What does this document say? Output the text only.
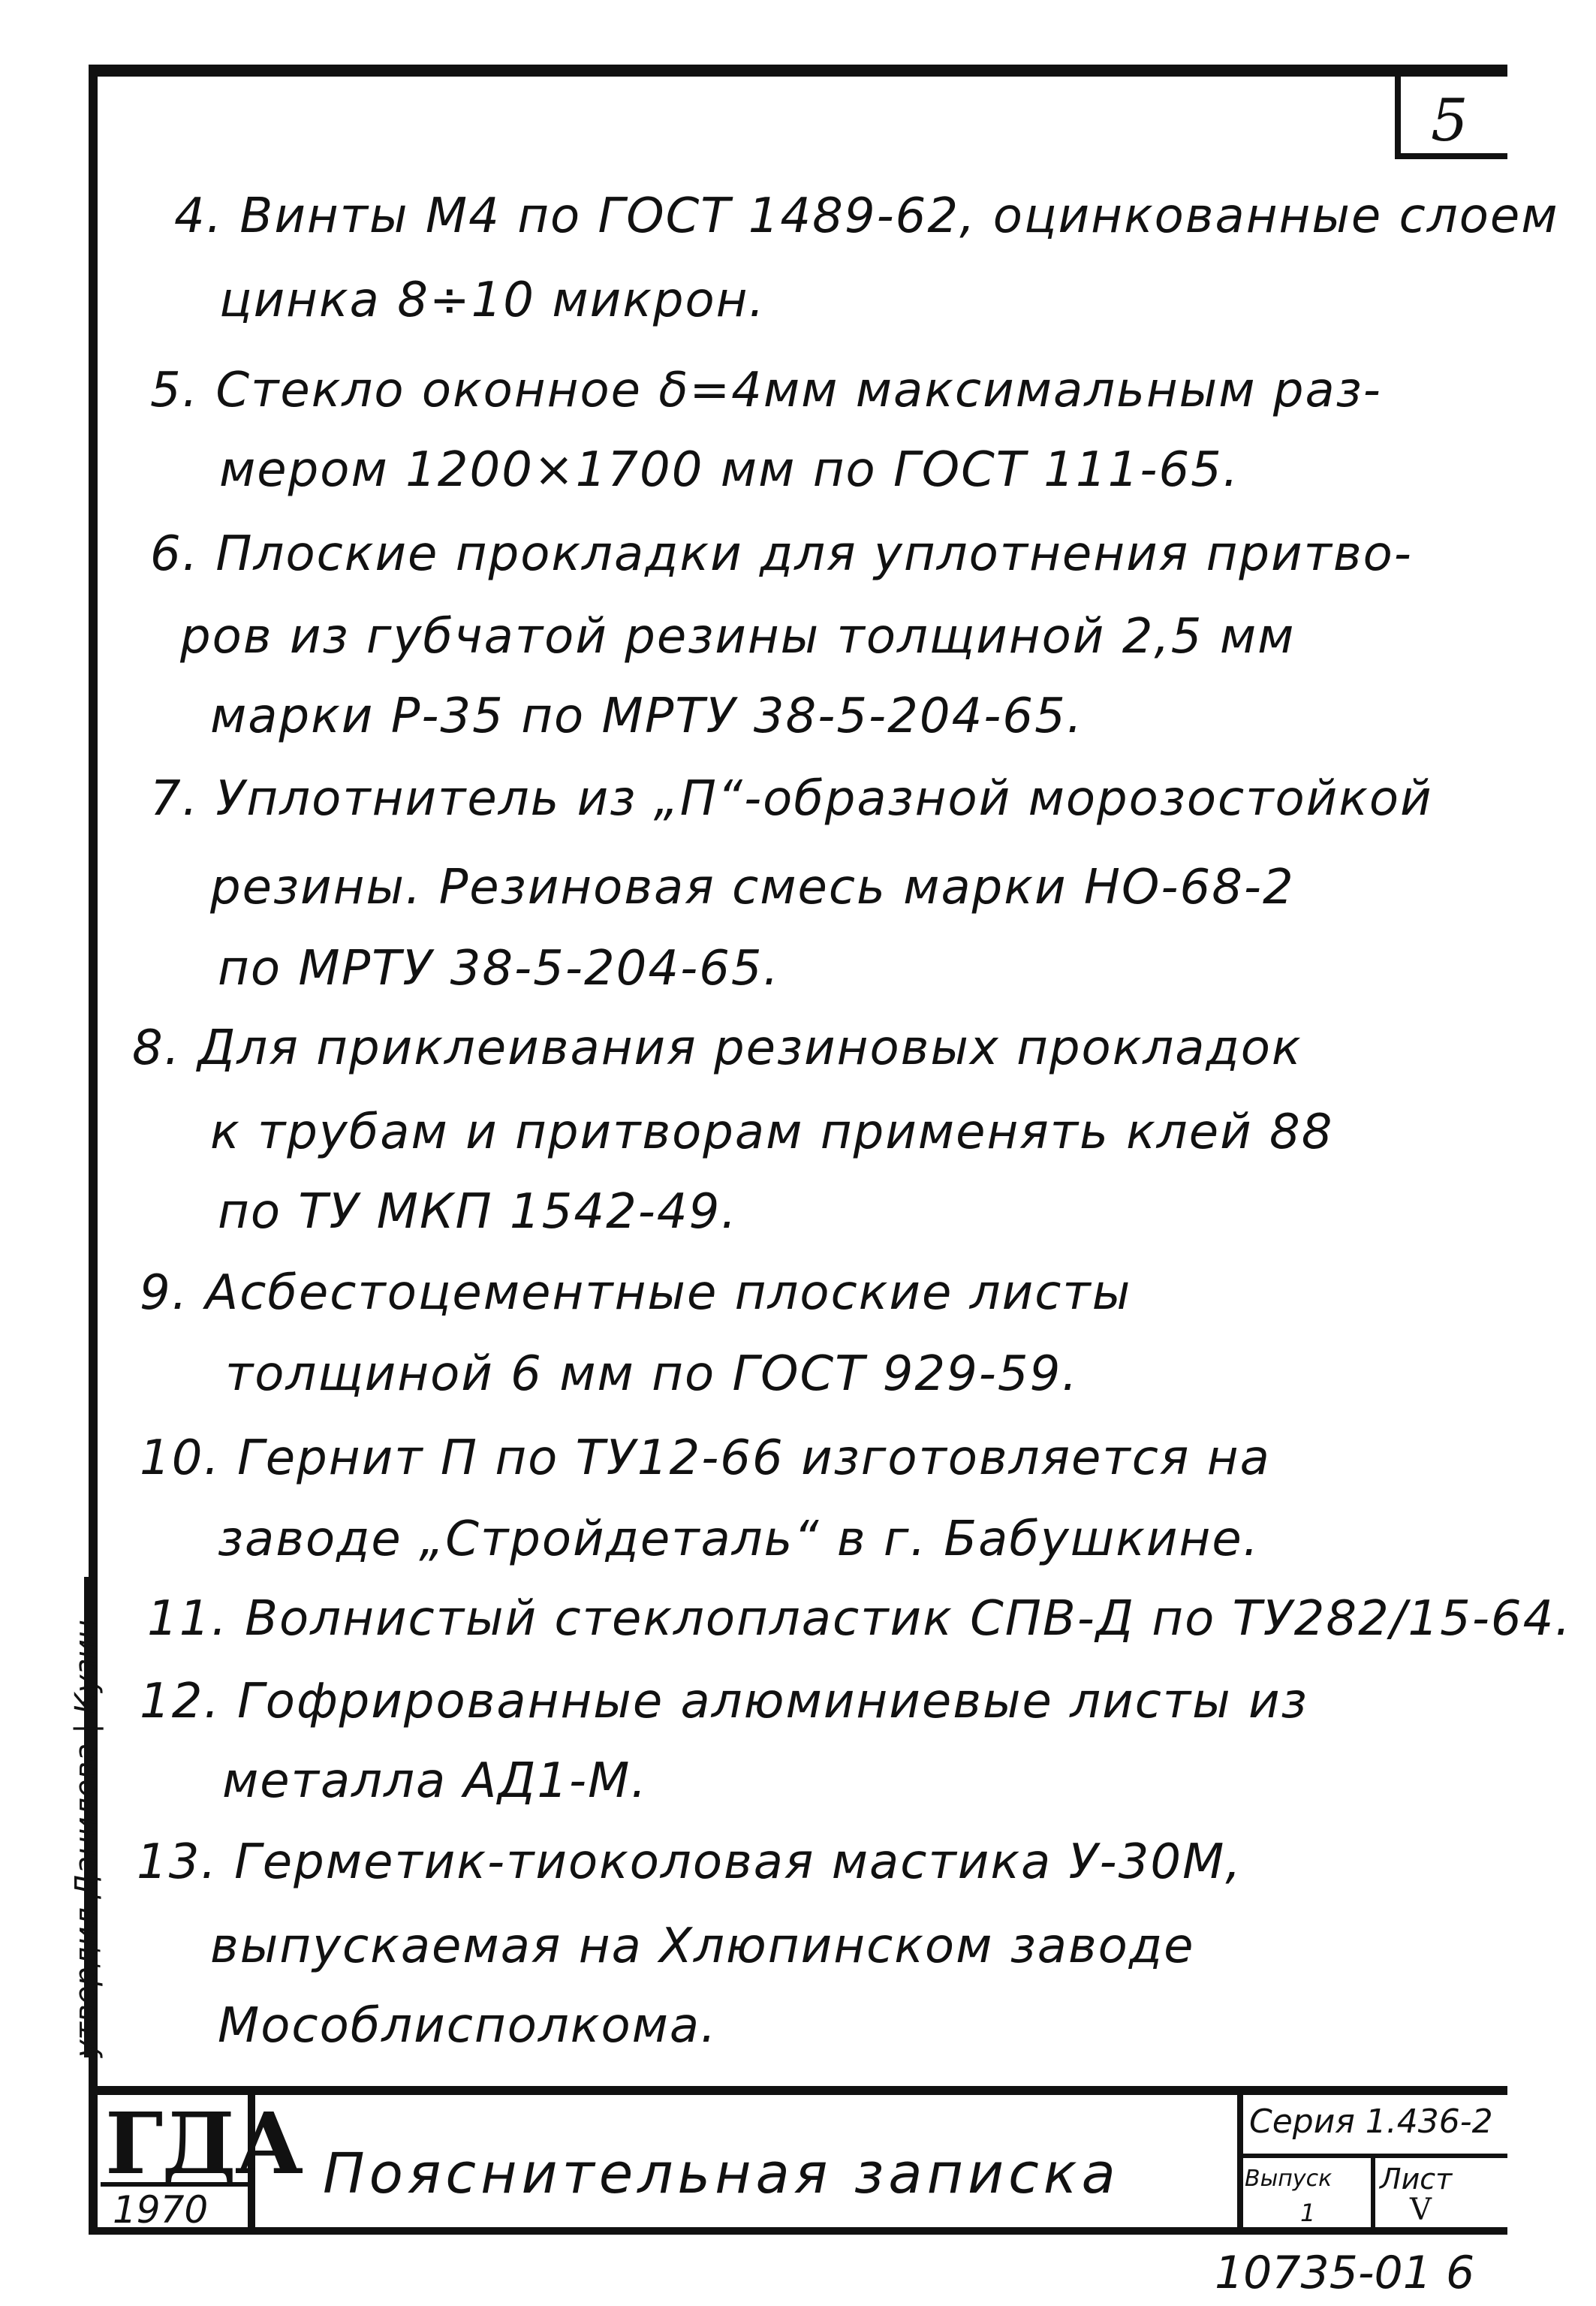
5
4. Винты М4 по ГОСТ 1489-62, оцинкованные слоем
цинка 8÷10 микрон.
5. Стекло оконное δ=4мм максимальным раз-
мером 1200×1700 мм по ГОСТ 111-65.
6. Плоские прокладки для уплотнения притво-
ров из губчатой резины толщиной 2,5 мм
марки Р-35 по МРТУ 38-5-204-65.
7. Уплотнитель из „П“-образной морозостойкой
резины. Резиновая смесь марки НО-68-2
по МРТУ 38-5-204-65.
8. Для приклеивания резиновых прокладок
к трубам и притворам применять клей 88
по ТУ МКП 1542-49.
9. Асбестоцементные плоские листы
толщиной 6 мм по ГОСТ 929-59.
10. Гернит П по ТУ12-66 изготовляется на
заводе „Стройдеталь“ в г. Бабушкине.
11. Волнистый стеклопластик СПВ-Д по ТУ282/15-64.
12. Гофрированные алюминиевые листы из
металла АД1-М.
13. Герметик-тиоколовая мастика У-30М,
выпускаемая на Хлюпинском заводе
Мособлисполкома.
утвердил Данилова | Кузин
ГДА
1970
Пояснительная записка
Серия 1.436-2
Выпуск Лист
1	V
10735-01 6
